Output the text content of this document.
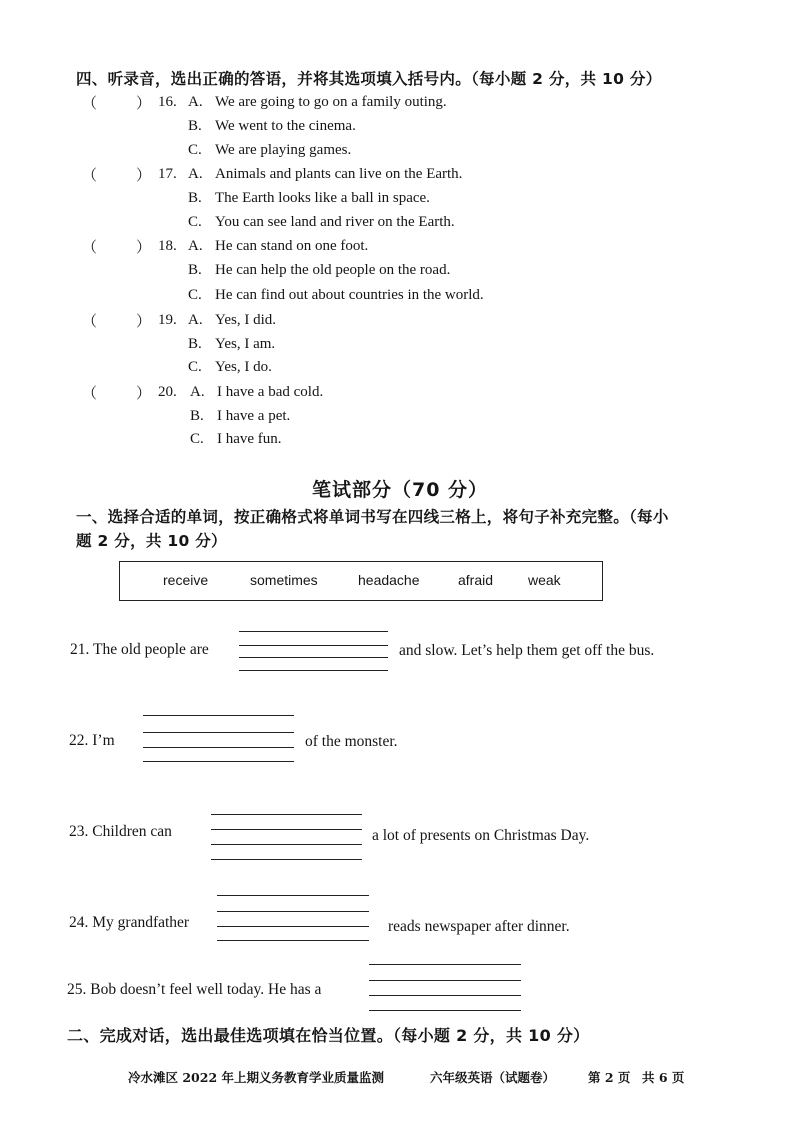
四、听录音，选出正确的答语，并将其选项填入括号内。（每小题 2 分，共 10 分）
（	） 16. A. We are going to go on a family outing.
B. We went to the cinema.
C. We are playing games.
（	） 17. A. Animals and plants can live on the Earth.
B. The Earth looks like a ball in space.
C. You can see land and river on the Earth.
（	） 18. A. He can stand on one foot.
B. He can help the old people on the road.
C. He can find out about countries in the world.
（	） 19. A. Yes, I did.
B. Yes, I am.
C. Yes, I do.
（	） 20. A. I have a bad cold.
B. I have a pet.
C. I have fun.
笔试部分（70 分）
一、选择合适的单词，按正确格式将单词书写在四线三格上，将句子补充完整。（每小
题 2 分，共 10 分）
receive	sometimes	headache	afraid weak
21. The old people are	and slow. Let’s help them get off the bus.
22. I’m	of the monster.
23. Children can	a lot of presents on Christmas Day.
24. My grandfather	reads newspaper after dinner.
25. Bob doesn’t feel well today. He has a
二、完成对话，选出最佳选项填在恰当位置。（每小题 2 分，共 10 分）
冷水滩区 2022 年上期义务教育学业质量监测	六年级英语（试题卷）	第 2 页 共 6 页
